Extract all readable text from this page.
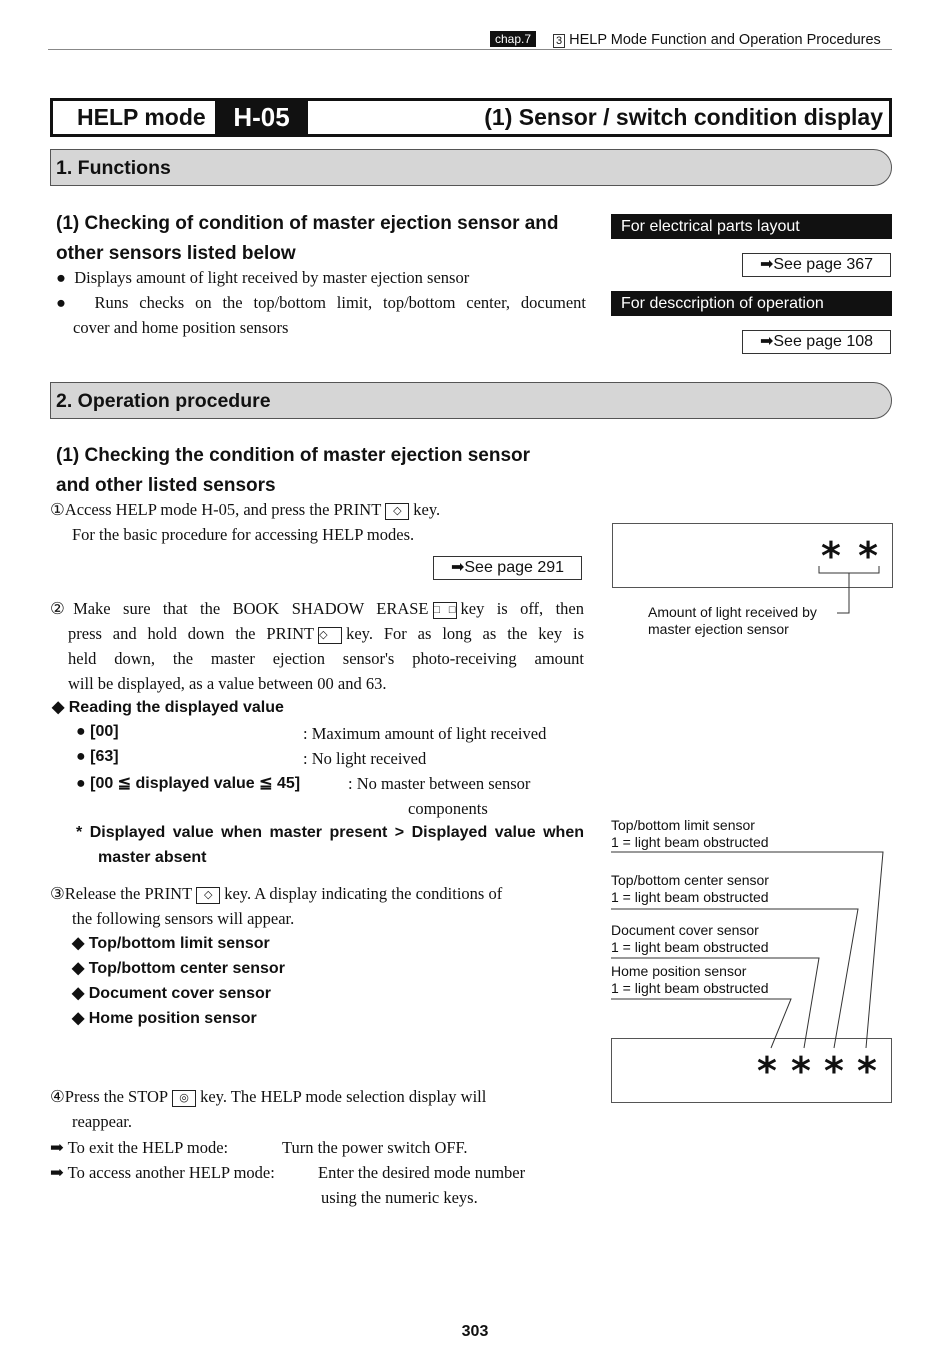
chap.7	3 HELP Mode Function and Operation Procedures
HELP mode	H-05	(1) Sensor / switch condition display
1. Functions
(1) Checking of condition of master ejection sensor and
other sensors listed below
●  Displays amount of light received by master ejection sensor
●  Runs checks on the top/bottom limit, top/bottom center, document
cover and home position sensors
For electrical parts layout
➡See page 367
For desccription of operation
➡See page 108
2. Operation procedure
(1) Checking the condition of master ejection sensor
and other listed sensors
①Access HELP mode H-05, and press the PRINT ◇ key.
For the basic procedure for accessing HELP modes.
➡See page 291
②Make sure that the BOOK SHADOW ERASE □□ key is off, then
press and hold down the PRINT ◇ key. For as long as the key is
held down, the master ejection sensor's photo-receiving amount
will be displayed, as a value between 00 and 63.
◆ Reading the displayed value
● [00]	: Maximum amount of light received
● [63]	: No light received
● [00 ≦ displayed value ≦ 45]	: No master between sensor
components
* Displayed value when master present > Displayed value when
master absent
③Release the PRINT ◇ key. A display indicating the conditions of
the following sensors will appear.
◆ Top/bottom limit sensor
◆ Top/bottom center sensor
◆ Document cover sensor
◆ Home position sensor
④Press the STOP ◎ key. The HELP mode selection display will
reappear.
➡ To exit the HELP mode:	Turn the power switch OFF.
➡ To access another HELP mode:	Enter the desired mode number
using the numeric keys.
* *
Amount of light received by
master ejection sensor
Top/bottom limit sensor
1 = light beam obstructed
Top/bottom center sensor
1 = light beam obstructed
Document cover sensor
1 = light beam obstructed
Home position sensor
1 = light beam obstructed
* * * *
303
